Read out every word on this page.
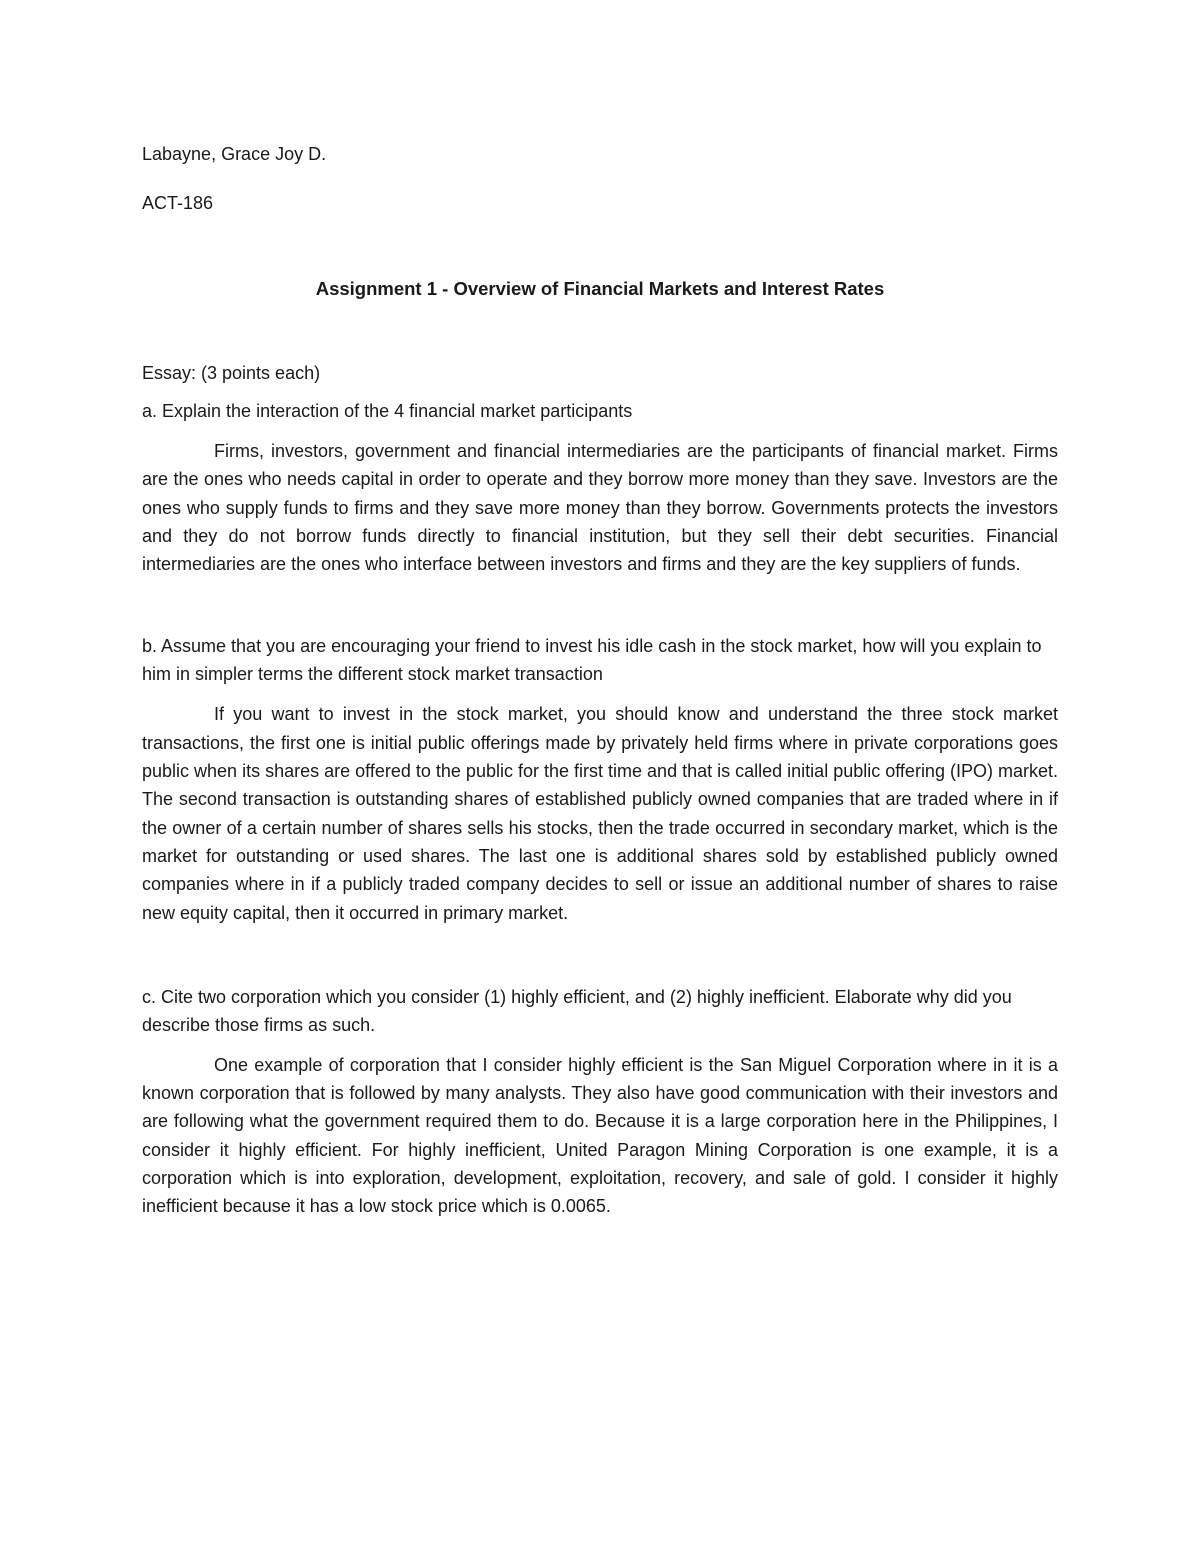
Labayne, Grace Joy D.

ACT-186

Assignment 1 - Overview of Financial Markets and Interest Rates

Essay: (3 points each)

a. Explain the interaction of the 4 financial market participants

Firms, investors, government and financial intermediaries are the participants of financial market. Firms are the ones who needs capital in order to operate and they borrow more money than they save. Investors are the ones who supply funds to firms and they save more money than they borrow. Governments protects the investors and they do not borrow funds directly to financial institution, but they sell their debt securities. Financial intermediaries are the ones who interface between investors and firms and they are the key suppliers of funds.

b. Assume that you are encouraging your friend to invest his idle cash in the stock market, how will you explain to him in simpler terms the different stock market transaction

If you want to invest in the stock market, you should know and understand the three stock market transactions, the first one is initial public offerings made by privately held firms where in private corporations goes public when its shares are offered to the public for the first time and that is called initial public offering (IPO) market. The second transaction is outstanding shares of established publicly owned companies that are traded where in if the owner of a certain number of shares sells his stocks, then the trade occurred in secondary market, which is the market for outstanding or used shares. The last one is additional shares sold by established publicly owned companies where in if a publicly traded company decides to sell or issue an additional number of shares to raise new equity capital, then it occurred in primary market.

c. Cite two corporation which you consider (1) highly efficient, and (2) highly inefficient. Elaborate why did you describe those firms as such.

One example of corporation that I consider highly efficient is the San Miguel Corporation where in it is a known corporation that is followed by many analysts. They also have good communication with their investors and are following what the government required them to do. Because it is a large corporation here in the Philippines, I consider it highly efficient. For highly inefficient, United Paragon Mining Corporation is one example, it is a corporation which is into exploration, development, exploitation, recovery, and sale of gold. I consider it highly inefficient because it has a low stock price which is 0.0065.
